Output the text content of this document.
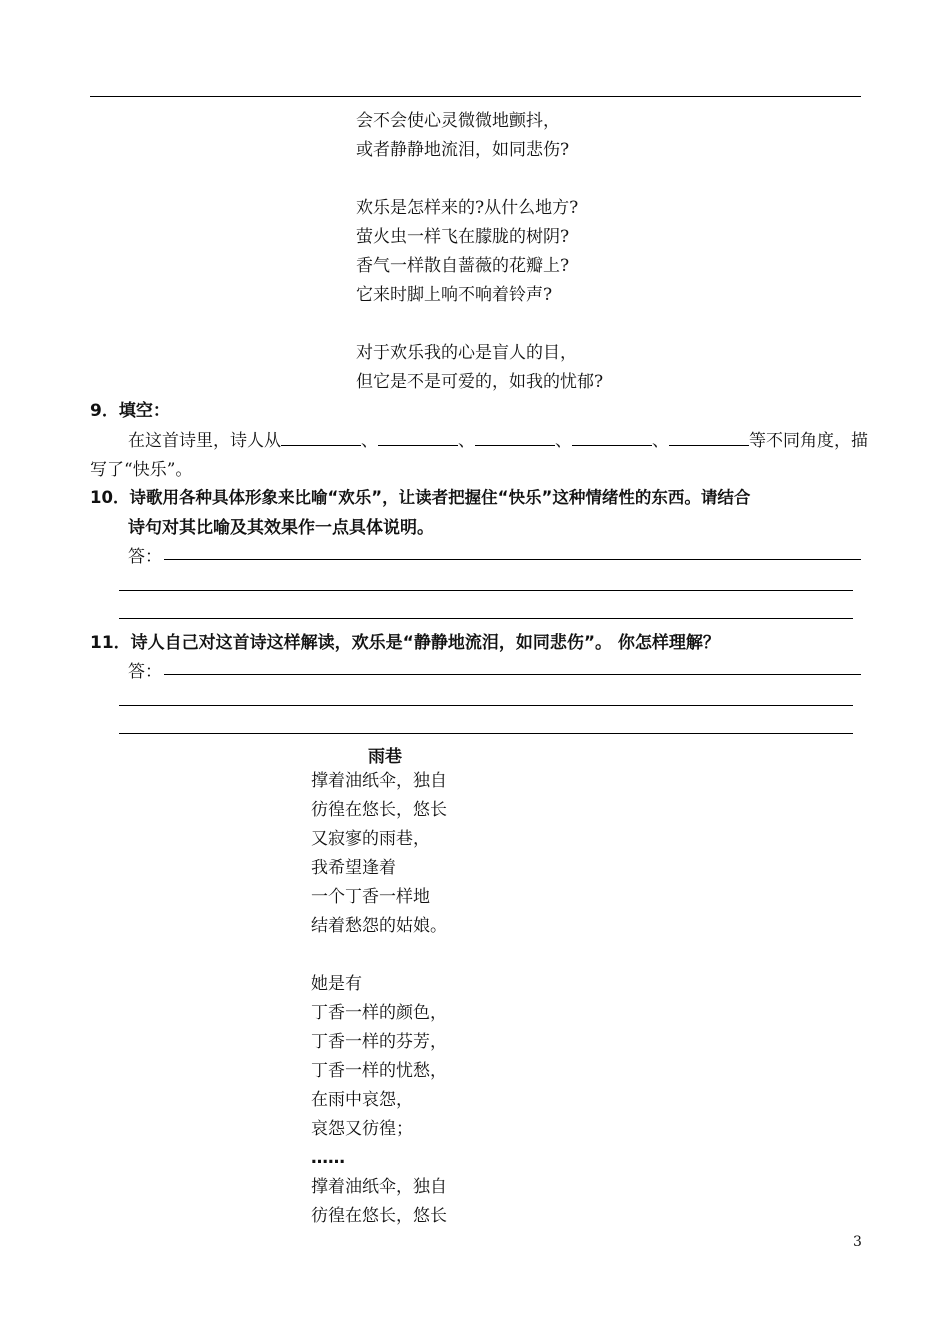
会不会使心灵微微地颤抖，
或者静静地流泪，如同悲伤?
欢乐是怎样来的?从什么地方?
萤火虫一样飞在朦胧的树阴?
香气一样散自蔷薇的花瓣上?
它来时脚上响不响着铃声?
对于欢乐我的心是盲人的目，
但它是不是可爱的，如我的忧郁?
9．填空：
在这首诗里，诗人从	、	、	、	、	等不同角度，描
写了“快乐”。
10．诗歌用各种具体形象来比喻“欢乐”，让读者把握住“快乐”这种情绪性的东西。请结合
诗句对其比喻及其效果作一点具体说明。
答：
11．诗人自己对这首诗这样解读，欢乐是“静静地流泪，如同悲伤”。 你怎样理解？
答：
雨巷
撑着油纸伞，独自
彷徨在悠长，悠长
又寂寥的雨巷，
我希望逢着
一个丁香一样地
结着愁怨的姑娘。
她是有
丁香一样的颜色，
丁香一样的芬芳，
丁香一样的忧愁，
在雨中哀怨，
哀怨又彷徨；
……
撑着油纸伞，独自
彷徨在悠长，悠长
3
